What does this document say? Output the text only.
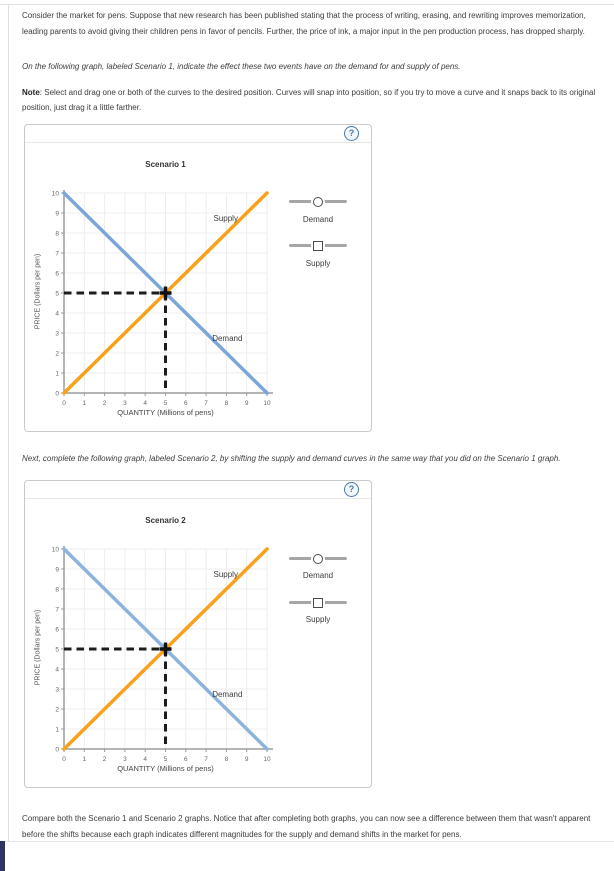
Consider the market for pens. Suppose that new research has been published stating that the process of writing, erasing, and rewriting improves memorization, leading parents to avoid giving their children pens in favor of pencils. Further, the price of ink, a major input in the pen production process, has dropped sharply.

On the following graph, labeled Scenario 1, indicate the effect these two events have on the demand for and supply of pens.

Note: Select and drag one or both of the curves to the desired position. Curves will snap into position, so if you try to move a curve and it snaps back to its original position, just drag it a little farther.

?
Scenario 1
PRICE (Dollars per pen)
0	1	2	3	4	5	6	7	8	9 10
0
1
2
3
4
5
6
7
8
9
10
Demand
Supply
QUANTITY (Millions of pens)
Demand
Supply

Next, complete the following graph, labeled Scenario 2, by shifting the supply and demand curves in the same way that you did on the Scenario 1 graph.

?
Scenario 2
PRICE (Dollars per pen)
0	1	2	3	4	5	6	7	8	9 10
0
1
2
3
4
5
6
7
8
9
10
Demand
Supply
QUANTITY (Millions of pens)
Demand
Supply

Compare both the Scenario 1 and Scenario 2 graphs. Notice that after completing both graphs, you can now see a difference between them that wasn't apparent before the shifts because each graph indicates different magnitudes for the supply and demand shifts in the market for pens.
